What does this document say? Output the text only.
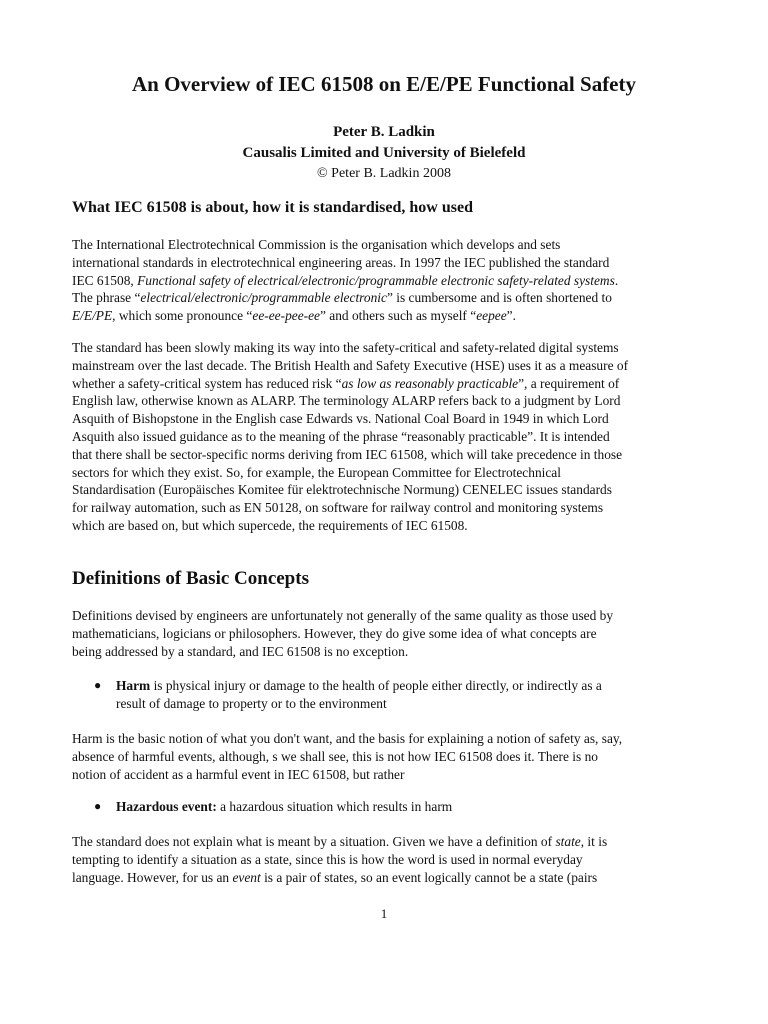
An Overview of IEC 61508 on E/E/PE Functional Safety
Peter B. Ladkin
Causalis Limited and University of Bielefeld
© Peter B. Ladkin 2008
What IEC 61508 is about, how it is standardised, how used

The International Electrotechnical Commission is the organisation which develops and sets
international standards in electrotechnical engineering areas. In 1997 the IEC published the standard
IEC 61508, Functional safety of electrical/electronic/programmable electronic safety-related systems.
The phrase “electrical/electronic/programmable electronic” is cumbersome and is often shortened to
E/E/PE, which some pronounce “ee-ee-pee-ee” and others such as myself “eepee”.

The standard has been slowly making its way into the safety-critical and safety-related digital systems
mainstream over the last decade. The British Health and Safety Executive (HSE) uses it as a measure of
whether a safety-critical system has reduced risk “as low as reasonably practicable”, a requirement of
English law, otherwise known as ALARP. The terminology ALARP refers back to a judgment by Lord
Asquith of Bishopstone in the English case Edwards vs. National Coal Board in 1949 in which Lord
Asquith also issued guidance as to the meaning of the phrase “reasonably practicable”. It is intended
that there shall be sector-specific norms deriving from IEC 61508, which will take precedence in those
sectors for which they exist. So, for example, the European Committee for Electrotechnical
Standardisation (Europäisches Komitee für elektrotechnische Normung) CENELEC issues standards
for railway automation, such as EN 50128, on software for railway control and monitoring systems
which are based on, but which supercede, the requirements of IEC 61508.

Definitions of Basic Concepts

Definitions devised by engineers are unfortunately not generally of the same quality as those used by
mathematicians, logicians or philosophers. However, they do give some idea of what concepts are
being addressed by a standard, and IEC 61508 is no exception.

● Harm is physical injury or damage to the health of people either directly, or indirectly as a
result of damage to property or to the environment

Harm is the basic notion of what you don't want, and the basis for explaining a notion of safety as, say,
absence of harmful events, although, s we shall see, this is not how IEC 61508 does it. There is no
notion of accident as a harmful event in IEC 61508, but rather

● Hazardous event: a hazardous situation which results in harm

The standard does not explain what is meant by a situation. Given we have a definition of state, it is
tempting to identify a situation as a state, since this is how the word is used in normal everyday
language. However, for us an event is a pair of states, so an event logically cannot be a state (pairs

1
